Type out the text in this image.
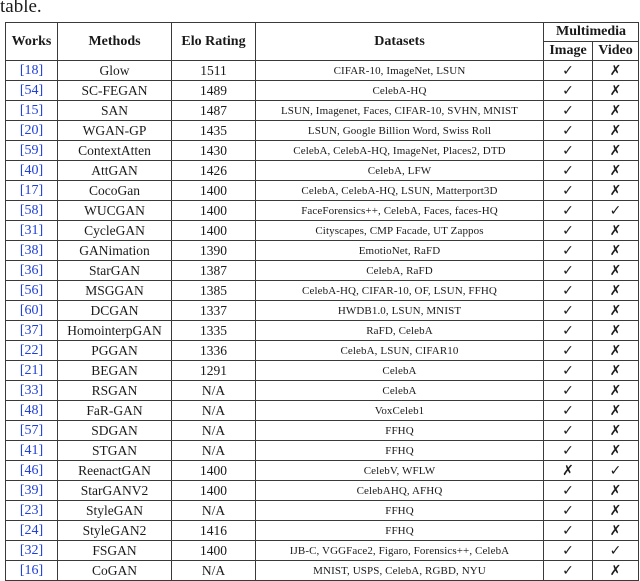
table.
Works	Methods	Elo Rating	Datasets	Multimedia	
				Image	Video
[18]	Glow	1511	CIFAR-10, ImageNet, LSUN	✓	✗
[54]	SC-FEGAN	1489	CelebA-HQ	✓	✗
[15]	SAN	1487	LSUN, Imagenet, Faces, CIFAR-10, SVHN, MNIST	✓	✗
[20]	WGAN-GP	1435	LSUN, Google Billion Word, Swiss Roll	✓	✗
[59]	ContextAtten	1430	CelebA, CelebA-HQ, ImageNet, Places2, DTD	✓	✗
[40]	AttGAN	1426	CelebA, LFW	✓	✗
[17]	CocoGan	1400	CelebA, CelebA-HQ, LSUN, Matterport3D	✓	✗
[58]	WUCGAN	1400	FaceForensics++, CelebA, Faces, faces-HQ	✓	✓
[31]	CycleGAN	1400	Cityscapes, CMP Facade, UT Zappos	✓	✗
[38]	GANimation	1390	EmotioNet, RaFD	✓	✗
[36]	StarGAN	1387	CelebA, RaFD	✓	✗
[56]	MSGGAN	1385	CelebA-HQ, CIFAR-10, OF, LSUN, FFHQ	✓	✗
[60]	DCGAN	1337	HWDB1.0, LSUN, MNIST	✓	✗
[37]	HomointerpGAN	1335	RaFD, CelebA	✓	✗
[22]	PGGAN	1336	CelebA, LSUN, CIFAR10	✓	✗
[21]	BEGAN	1291	CelebA	✓	✗
[33]	RSGAN	N/A	CelebA	✓	✗
[48]	FaR-GAN	N/A	VoxCeleb1	✓	✗
[57]	SDGAN	N/A	FFHQ	✓	✗
[41]	STGAN	N/A	FFHQ	✓	✗
[46]	ReenactGAN	1400	CelebV, WFLW	✗	✓
[39]	StarGANV2	1400	CelebAHQ, AFHQ	✓	✗
[23]	StyleGAN	N/A	FFHQ	✓	✗
[24]	StyleGAN2	1416	FFHQ	✓	✗
[32]	FSGAN	1400	IJB-C, VGGFace2, Figaro, Forensics++, CelebA	✓	✓
[16]	CoGAN	N/A	MNIST, USPS, CelebA, RGBD, NYU	✓	✗
